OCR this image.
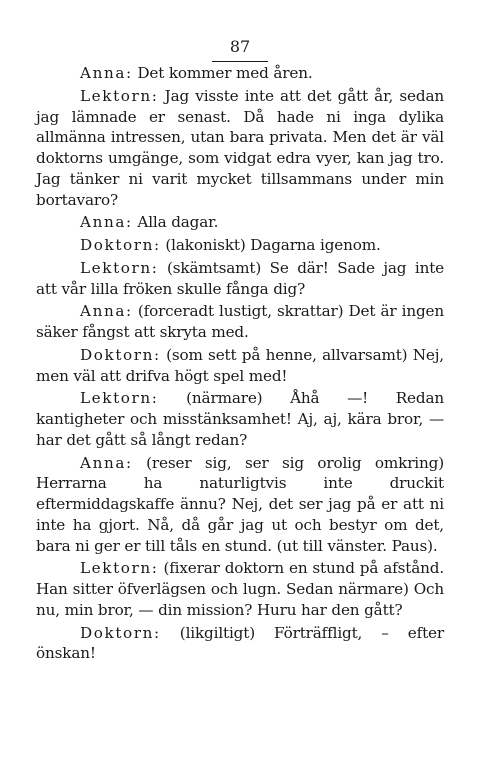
87

Anna: Det kommer med åren.

Lektorn: Jag visste inte att det gått år, sedan jag lämnade er senast. Då hade ni inga dylika allmänna intressen, utan bara privata. Men det är väl doktorns umgänge, som vidgat edra vyer, kan jag tro. Jag tänker ni varit mycket tillsammans under min bortavaro?

Anna: Alla dagar.

Doktorn: (lakoniskt) Dagarna igenom.

Lektorn: (skämtsamt) Se där! Sade jag inte att vår lilla fröken skulle fånga dig?

Anna: (forceradt lustigt, skrattar) Det är ingen säker fångst att skryta med.

Doktorn: (som sett på henne, allvarsamt) Nej, men väl att drifva högt spel med!

Lektorn: (närmare) Åhå —! Redan kantigheter och misstänksamhet! Aj, aj, kära bror, — har det gått så långt redan?

Anna: (reser sig, ser sig orolig omkring) Herrarna ha naturligtvis inte druckit eftermiddagskaffe ännu? Nej, det ser jag på er att ni inte ha gjort. Nå, då går jag ut och bestyr om det, bara ni ger er till tåls en stund. (ut till vänster. Paus).

Lektorn: (fixerar doktorn en stund på afstånd. Han sitter öfverlägsen och lugn. Sedan närmare) Och nu, min bror, — din mission? Huru har den gått?

Doktorn: (likgiltigt) Förträffligt, – efter önskan!
